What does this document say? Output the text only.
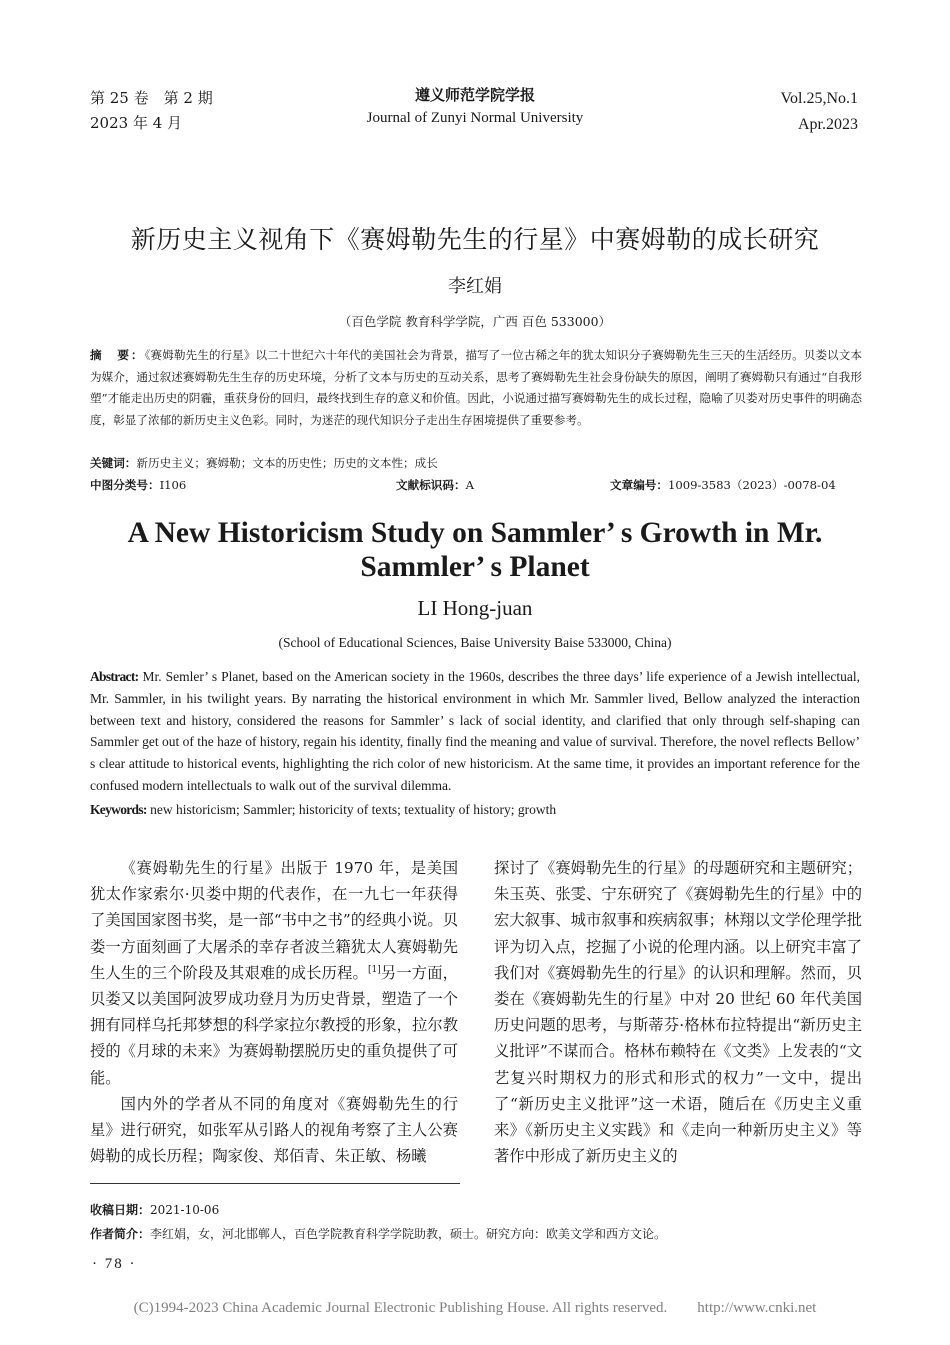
第 25 卷　第 2 期
2023 年 4 月
遵义师范学院学报
Journal of Zunyi Normal University
Vol.25,No.1
Apr.2023
新历史主义视角下《赛姆勒先生的行星》中赛姆勒的成长研究
李红娟
（百色学院 教育科学学院，广西 百色 533000）
摘　要：《赛姆勒先生的行星》以二十世纪六十年代的美国社会为背景，描写了一位古稀之年的犹太知识分子赛姆勒先生三天的生活经历。贝娄以文本为媒介，通过叙述赛姆勒先生生存的历史环境，分析了文本与历史的互动关系，思考了赛姆勒先生社会身份缺失的原因，阐明了赛姆勒只有通过“自我形塑”才能走出历史的阴霾，重获身份的回归，最终找到生存的意义和价值。因此，小说通过描写赛姆勒先生的成长过程，隐喻了贝娄对历史事件的明确态度，彰显了浓郁的新历史主义色彩。同时，为迷茫的现代知识分子走出生存困境提供了重要参考。
关键词：新历史主义；赛姆勒；文本的历史性；历史的文本性；成长
中图分类号：I106	文献标识码：A	文章编号：1009-3583（2023）-0078-04
A New Historicism Study on Sammler’ s Growth in Mr.
Sammler’ s Planet
LI Hong-juan
(School of Educational Sciences, Baise University Baise 533000, China)
Abstract: Mr. Semler’ s Planet, based on the American society in the 1960s, describes the three days’ life experience of a Jewish intellectual, Mr. Sammler, in his twilight years. By narrating the historical environment in which Mr. Sammler lived, Bellow analyzed the interaction between text and history, considered the reasons for Sammler’ s lack of social identity, and clarified that only through self-shaping can Sammler get out of the haze of history, regain his identity, finally find the meaning and value of survival. Therefore, the novel reflects Bellow’ s clear attitude to historical events, highlighting the rich color of new historicism. At the same time, it provides an important reference for the confused modern intellectuals to walk out of the survival dilemma.
Keywords: new historicism; Sammler; historicity of texts; textuality of history; growth

《赛姆勒先生的行星》出版于 1970 年，是美国犹太作家索尔·贝娄中期的代表作，在一九七一年获得了美国国家图书奖，是一部“书中之书”的经典小说。贝娄一方面刻画了大屠杀的幸存者波兰籍犹太人赛姆勒先生人生的三个阶段及其艰难的成长历程。[1]另一方面，贝娄又以美国阿波罗成功登月为历史背景，塑造了一个拥有同样乌托邦梦想的科学家拉尔教授的形象，拉尔教授的《月球的未来》为赛姆勒摆脱历史的重负提供了可能。

国内外的学者从不同的角度对《赛姆勒先生的行星》进行研究，如张军从引路人的视角考察了主人公赛姆勒的成长历程；陶家俊、郑佰青、朱正敏、杨曦

探讨了《赛姆勒先生的行星》的母题研究和主题研究；朱玉英、张雯、宁东研究了《赛姆勒先生的行星》中的宏大叙事、城市叙事和疾病叙事；林翔以文学伦理学批评为切入点，挖掘了小说的伦理内涵。以上研究丰富了我们对《赛姆勒先生的行星》的认识和理解。然而，贝娄在《赛姆勒先生的行星》中对 20 世纪 60 年代美国历史问题的思考，与斯蒂芬·格林布拉特提出“新历史主义批评”不谋而合。格林布赖特在《文类》上发表的“文艺复兴时期权力的形式和形式的权力”一文中，提出了“新历史主义批评”这一术语，随后在《历史主义重来》《新历史主义实践》和《走向一种新历史主义》等著作中形成了新历史主义的

收稿日期：2021-10-06
作者简介：李红娟，女，河北邯郸人，百色学院教育科学学院助教，硕士。研究方向：欧美文学和西方文论。
· 78 ·
(C)1994-2023 China Academic Journal Electronic Publishing House. All rights reserved.　　http://www.cnki.net
